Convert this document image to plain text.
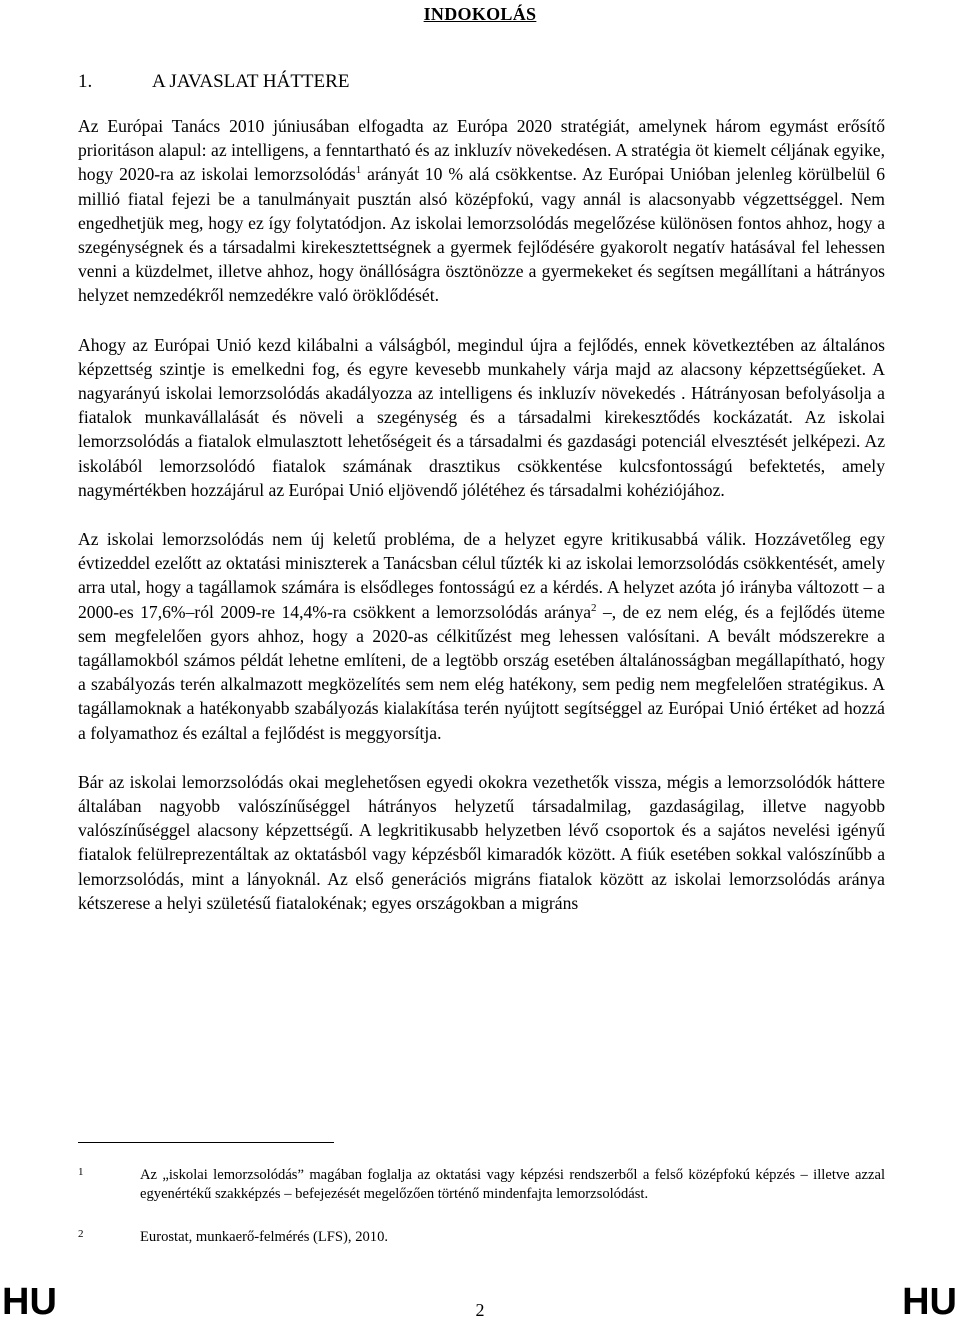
INDOKOLÁS
1.	A JAVASLAT HÁTTERE

Az Európai Tanács 2010 júniusában elfogadta az Európa 2020 stratégiát, amelynek három egymást erősítő prioritáson alapul: az intelligens, a fenntartható és az inkluzív növekedésen. A stratégia öt kiemelt céljának egyike, hogy 2020-ra az iskolai lemorzsolódás$^1$ arányát 10 % alá csökkentse. Az Európai Unióban jelenleg körülbelül 6 millió fiatal fejezi be a tanulmányait pusztán alsó középfokú, vagy annál is alacsonyabb végzettséggel. Nem engedhetjük meg, hogy ez így folytatódjon. Az iskolai lemorzsolódás megelőzése különösen fontos ahhoz, hogy a szegénységnek és a társadalmi kirekesztettségnek a gyermek fejlődésére gyakorolt negatív hatásával fel lehessen venni a küzdelmet, illetve ahhoz, hogy önállóságra ösztönözze a gyermekeket és segítsen megállítani a hátrányos helyzet nemzedékről nemzedékre való öröklődését.

Ahogy az Európai Unió kezd kilábalni a válságból, megindul újra a fejlődés, ennek következtében az általános képzettség szintje is emelkedni fog, és egyre kevesebb munkahely várja majd az alacsony képzettségűeket. A nagyarányú iskolai lemorzsolódás akadályozza az intelligens és inkluzív növekedés . Hátrányosan befolyásolja a fiatalok munkavállalását és növeli a szegénység és a társadalmi kirekesztődés kockázatát. Az iskolai lemorzsolódás a fiatalok elmulasztott lehetőségeit és a társadalmi és gazdasági potenciál elvesztését jelképezi. Az iskolából lemorzsolódó fiatalok számának drasztikus csökkentése kulcsfontosságú befektetés, amely nagymértékben hozzájárul az Európai Unió eljövendő jólétéhez és társadalmi kohéziójához.

Az iskolai lemorzsolódás nem új keletű probléma, de a helyzet egyre kritikusabbá válik. Hozzávetőleg egy évtizeddel ezelőtt az oktatási miniszterek a Tanácsban célul tűzték ki az iskolai lemorzsolódás csökkentését, amely arra utal, hogy a tagállamok számára is elsődleges fontosságú ez a kérdés. A helyzet azóta jó irányba változott – a 2000-es 17,6%–ról 2009-re 14,4%-ra csökkent a lemorzsolódás aránya$^2$ –, de ez nem elég, és a fejlődés üteme sem megfelelően gyors ahhoz, hogy a 2020-as célkitűzést meg lehessen valósítani. A bevált módszerekre a tagállamokból számos példát lehetne említeni, de a legtöbb ország esetében általánosságban megállapítható, hogy a szabályozás terén alkalmazott megközelítés sem nem elég hatékony, sem pedig nem megfelelően stratégikus. A tagállamoknak a hatékonyabb szabályozás kialakítása terén nyújtott segítséggel az Európai Unió értéket ad hozzá a folyamathoz és ezáltal a fejlődést is meggyorsítja.

Bár az iskolai lemorzsolódás okai meglehetősen egyedi okokra vezethetők vissza, mégis a lemorzsolódók háttere általában nagyobb valószínűséggel hátrányos helyzetű társadalmilag, gazdaságilag, illetve nagyobb valószínűséggel alacsony képzettségű. A legkritikusabb helyzetben lévő csoportok és a sajátos nevelési igényű fiatalok felülreprezentáltak az oktatásból vagy képzésből kimaradók között. A fiúk esetében sokkal valószínűbb a lemorzsolódás, mint a lányoknál. Az első generációs migráns fiatalok között az iskolai lemorzsolódás aránya kétszerese a helyi születésű fiatalokénak; egyes országokban a migráns

1	Az „iskolai lemorzsolódás” magában foglalja az oktatási vagy képzési rendszerből a felső középfokú képzés – illetve azzal egyenértékű szakképzés – befejezését megelőzően történő mindenfajta lemorzsolódást.
2	Eurostat, munkaerő-felmérés (LFS), 2010.
HU	2	HU
